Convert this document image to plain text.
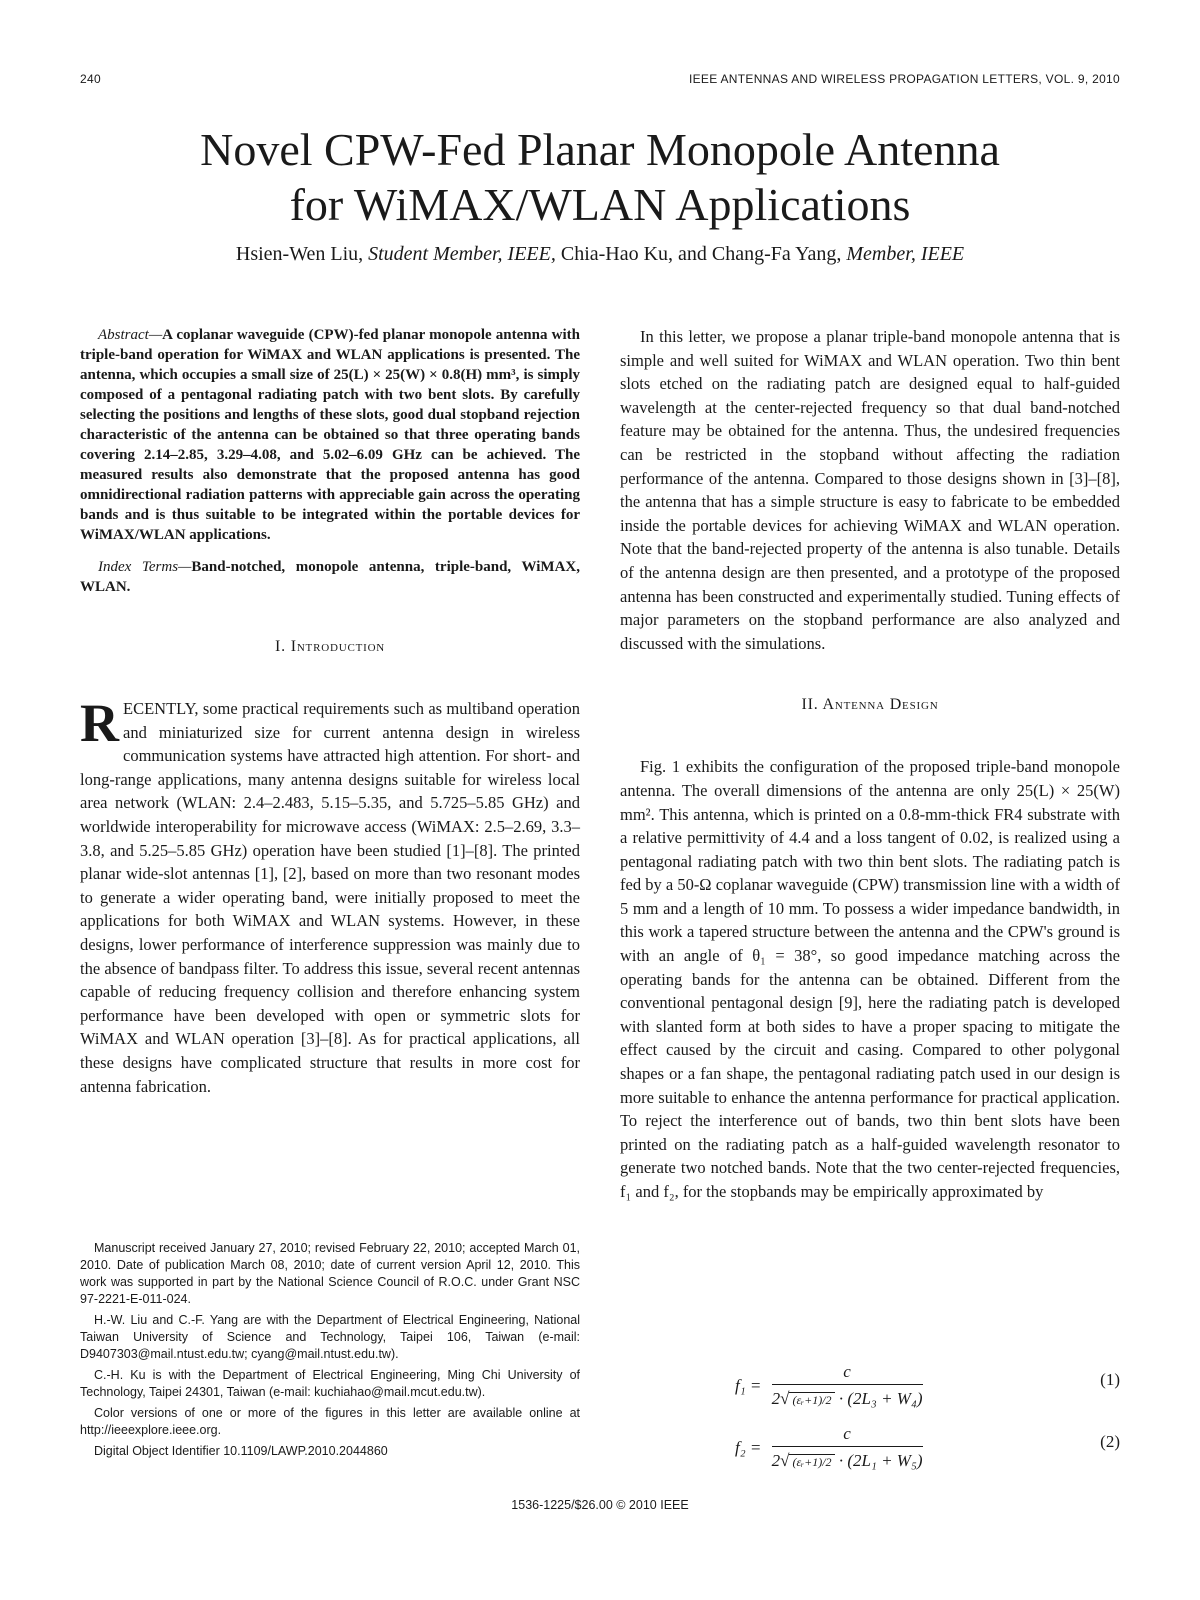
240	IEEE ANTENNAS AND WIRELESS PROPAGATION LETTERS, VOL. 9, 2010
Novel CPW-Fed Planar Monopole Antenna
for WiMAX/WLAN Applications
Hsien-Wen Liu, Student Member, IEEE, Chia-Hao Ku, and Chang-Fa Yang, Member, IEEE

Abstract—A coplanar waveguide (CPW)-fed planar monopole antenna with triple-band operation for WiMAX and WLAN applications is presented. The antenna, which occupies a small size of 25(L) × 25(W) × 0.8(H) mm³, is simply composed of a pentagonal radiating patch with two bent slots. By carefully selecting the positions and lengths of these slots, good dual stopband rejection characteristic of the antenna can be obtained so that three operating bands covering 2.14–2.85, 3.29–4.08, and 5.02–6.09 GHz can be achieved. The measured results also demonstrate that the proposed antenna has good omnidirectional radiation patterns with appreciable gain across the operating bands and is thus suitable to be integrated within the portable devices for WiMAX/WLAN applications.

Index Terms—Band-notched, monopole antenna, triple-band, WiMAX, WLAN.

I. Introduction

RECENTLY, some practical requirements such as multiband operation and miniaturized size for current antenna design in wireless communication systems have attracted high attention. For short- and long-range applications, many antenna designs suitable for wireless local area network (WLAN: 2.4–2.483, 5.15–5.35, and 5.725–5.85 GHz) and worldwide interoperability for microwave access (WiMAX: 2.5–2.69, 3.3–3.8, and 5.25–5.85 GHz) operation have been studied [1]–[8]. The printed planar wide-slot antennas [1], [2], based on more than two resonant modes to generate a wider operating band, were initially proposed to meet the applications for both WiMAX and WLAN systems. However, in these designs, lower performance of interference suppression was mainly due to the absence of bandpass filter. To address this issue, several recent antennas capable of reducing frequency collision and therefore enhancing system performance have been developed with open or symmetric slots for WiMAX and WLAN operation [3]–[8]. As for practical applications, all these designs have complicated structure that results in more cost for antenna fabrication.

Manuscript received January 27, 2010; revised February 22, 2010; accepted March 01, 2010. Date of publication March 08, 2010; date of current version April 12, 2010. This work was supported in part by the National Science Council of R.O.C. under Grant NSC 97-2221-E-011-024.

H.-W. Liu and C.-F. Yang are with the Department of Electrical Engineering, National Taiwan University of Science and Technology, Taipei 106, Taiwan (e-mail: D9407303@mail.ntust.edu.tw; cyang@mail.ntust.edu.tw).

C.-H. Ku is with the Department of Electrical Engineering, Ming Chi University of Technology, Taipei 24301, Taiwan (e-mail: kuchiahao@mail.mcut.edu.tw).

Color versions of one or more of the figures in this letter are available online at http://ieeexplore.ieee.org.

Digital Object Identifier 10.1109/LAWP.2010.2044860

In this letter, we propose a planar triple-band monopole antenna that is simple and well suited for WiMAX and WLAN operation. Two thin bent slots etched on the radiating patch are designed equal to half-guided wavelength at the center-rejected frequency so that dual band-notched feature may be obtained for the antenna. Thus, the undesired frequencies can be restricted in the stopband without affecting the radiation performance of the antenna. Compared to those designs shown in [3]–[8], the antenna that has a simple structure is easy to fabricate to be embedded inside the portable devices for achieving WiMAX and WLAN operation. Note that the band-rejected property of the antenna is also tunable. Details of the antenna design are then presented, and a prototype of the proposed antenna has been constructed and experimentally studied. Tuning effects of major parameters on the stopband performance are also analyzed and discussed with the simulations.

II. Antenna Design

Fig. 1 exhibits the configuration of the proposed triple-band monopole antenna. The overall dimensions of the antenna are only 25(L) × 25(W) mm². This antenna, which is printed on a 0.8-mm-thick FR4 substrate with a relative permittivity of 4.4 and a loss tangent of 0.02, is realized using a pentagonal radiating patch with two thin bent slots. The radiating patch is fed by a 50-Ω coplanar waveguide (CPW) transmission line with a width of 5 mm and a length of 10 mm. To possess a wider impedance bandwidth, in this work a tapered structure between the antenna and the CPW's ground is with an angle of θ₁ = 38°, so good impedance matching across the operating bands for the antenna can be obtained. Different from the conventional pentagonal design [9], here the radiating patch is developed with slanted form at both sides to have a proper spacing to mitigate the effect caused by the circuit and casing. Compared to other polygonal shapes or a fan shape, the pentagonal radiating patch used in our design is more suitable to enhance the antenna performance for practical application. To reject the interference out of bands, two thin bent slots have been printed on the radiating patch as a half-guided wavelength resonator to generate two notched bands. Note that the two center-rejected frequencies, f₁ and f₂, for the stopbands may be empirically approximated by

$f_1 = \frac{c}{\text{2√ (εᵣ+1)/2 · (2L₃ + W₄)}}$	(1)
$f_2 = \frac{c}{\text{2√ (εᵣ+1)/2 · (2L₁ + W₅)}}$	(2)
1536-1225/$26.00 © 2010 IEEE
